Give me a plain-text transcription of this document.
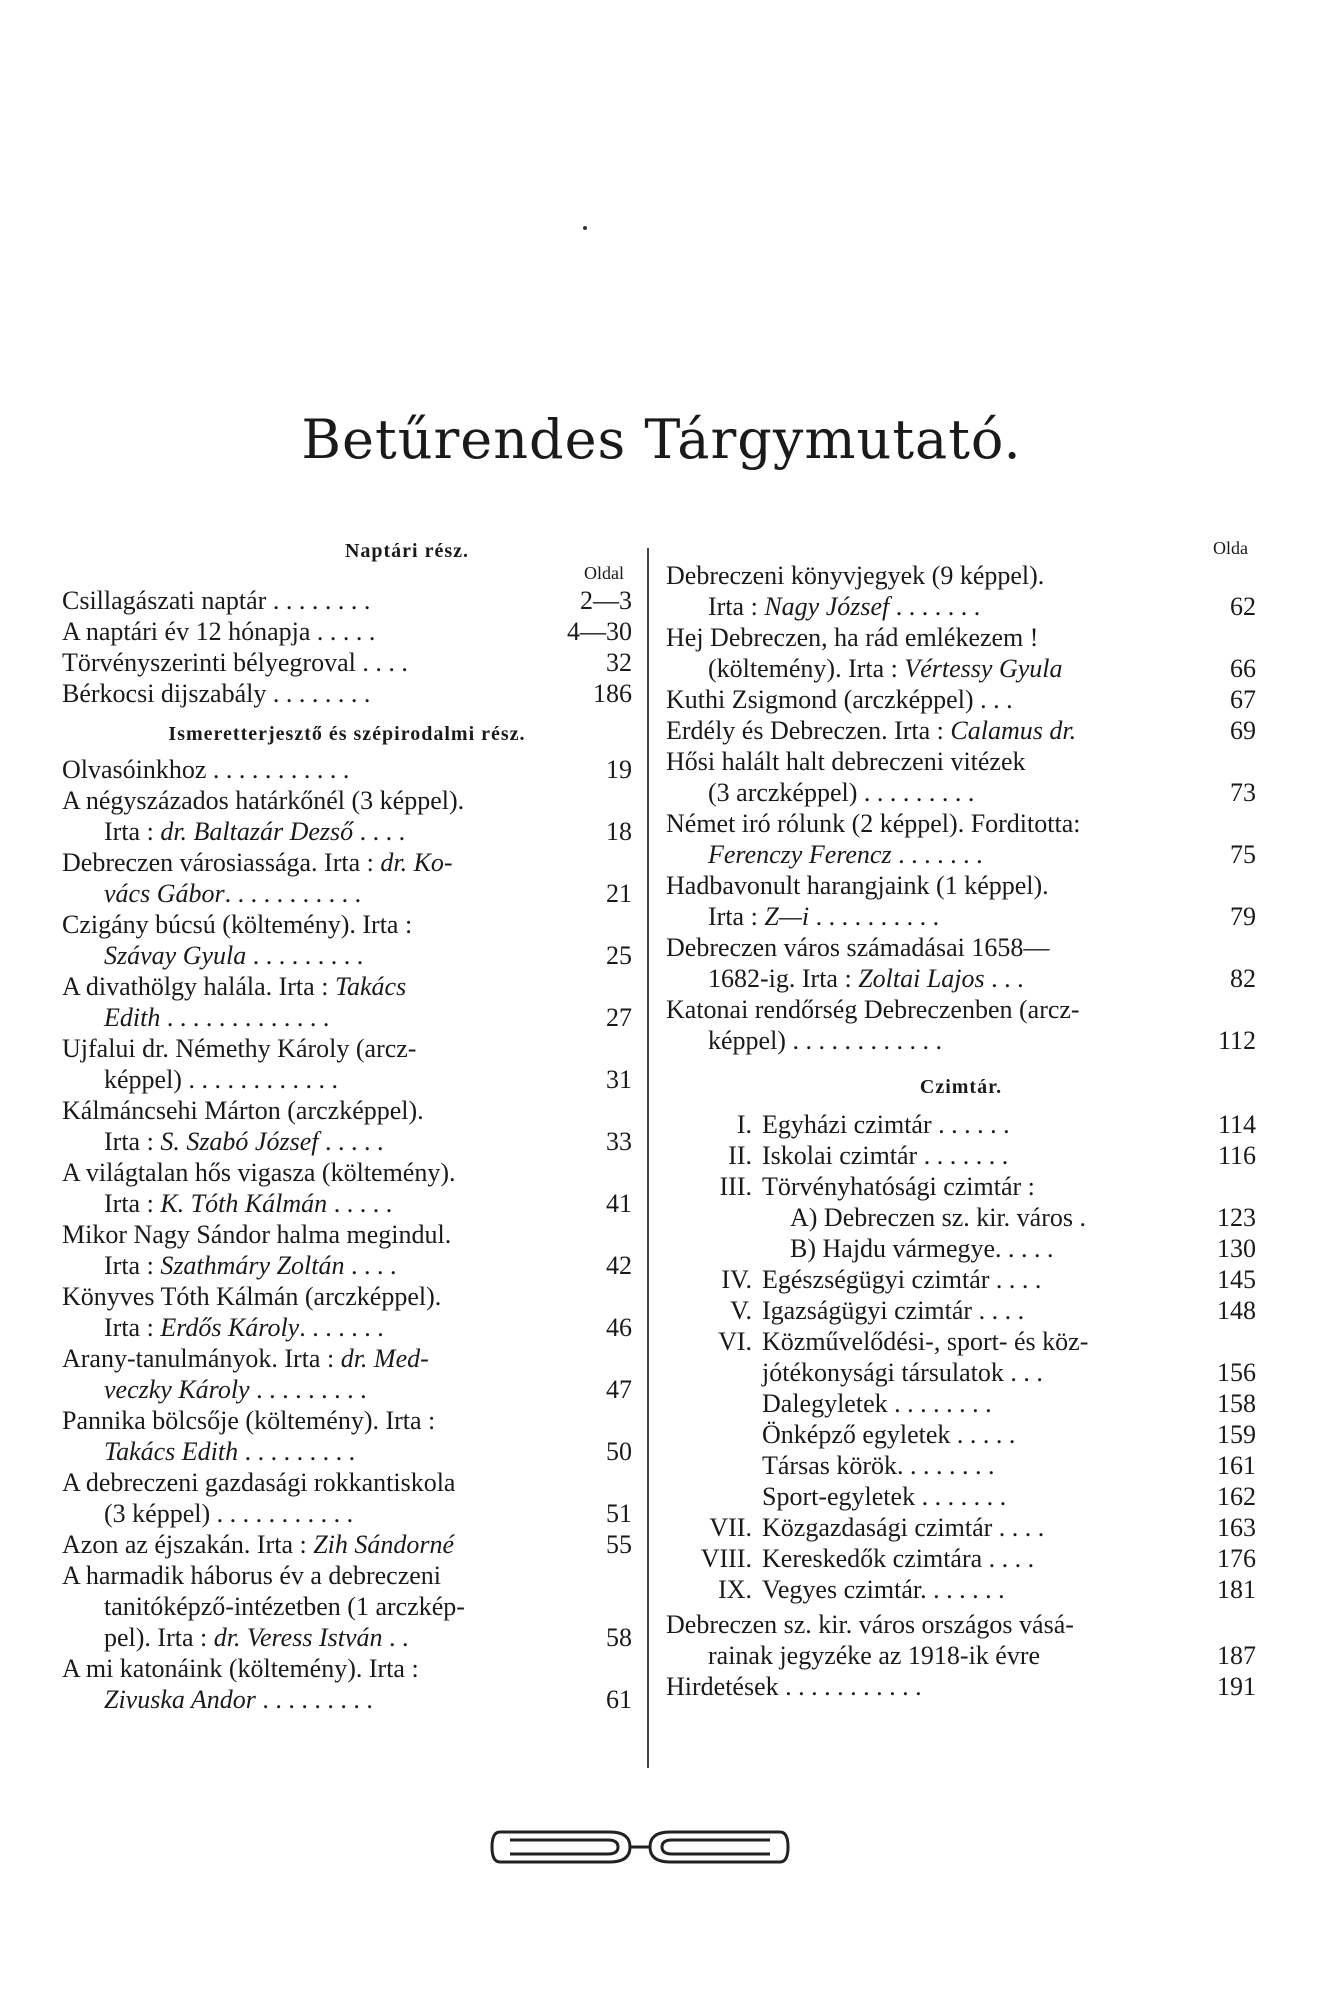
Betűrendes Tárgymutató.
Naptári rész.
Oldal
Csillagászati naptár . . . . . . . .	2—3
A naptári év 12 hónapja . . . . .	4—30
Törvényszerinti bélyegroval . . . .	32
Bérkocsi dijszabály . . . . . . . .	186
Ismeretterjesztő és szépirodalmi rész.
Olvasóinkhoz . . . . . . . . . . .	19
A négyszázados határkőnél (3 képpel).
Irta : dr. Baltazár Dezső . . . .	18
Debreczen városiassága. Irta : dr. Ko-
vács Gábor. . . . . . . . . . .	21
Czigány búcsú (költemény). Irta :
Szávay Gyula . . . . . . . . .	25
A divathölgy halála. Irta : Takács
Edith . . . . . . . . . . . . .	27
Ujfalui dr. Némethy Károly (arcz-
képpel) . . . . . . . . . . . .	31
Kálmáncsehi Márton (arczképpel).
Irta : S. Szabó József . . . . .	33
A világtalan hős vigasza (költemény).
Irta : K. Tóth Kálmán . . . . .	41
Mikor Nagy Sándor halma megindul.
Irta : Szathmáry Zoltán . . . .	42
Könyves Tóth Kálmán (arczképpel).
Irta : Erdős Károly. . . . . . .	46
Arany-tanulmányok. Irta : dr. Med-
veczky Károly . . . . . . . . .	47
Pannika bölcsője (költemény). Irta :
Takács Edith . . . . . . . . .	50
A debreczeni gazdasági rokkantiskola
(3 képpel) . . . . . . . . . . .	51
Azon az éjszakán. Irta : Zih Sándorné	55
A harmadik háborus év a debreczeni
tanitóképző-intézetben (1 arczkép-
pel). Irta : dr. Veress István . .	58
A mi katonáink (költemény). Irta :
Zivuska Andor . . . . . . . . .	61
Olda
Debreczeni könyvjegyek (9 képpel).
Irta : Nagy József . . . . . . .	62
Hej Debreczen, ha rád emlékezem !
(költemény). Irta : Vértessy Gyula	66
Kuthi Zsigmond (arczképpel) . . .	67
Erdély és Debreczen. Irta : Calamus dr.	69
Hősi halált halt debreczeni vitézek
(3 arczképpel) . . . . . . . . .	73
Német iró rólunk (2 képpel). Forditotta:
Ferenczy Ferencz . . . . . . .	75
Hadbavonult harangjaink (1 képpel).
Irta : Z—i . . . . . . . . . .	79
Debreczen város számadásai 1658—
1682-ig. Irta : Zoltai Lajos . . .	82
Katonai rendőrség Debreczenben (arcz-
képpel) . . . . . . . . . . . .	112
Czimtár.
I. Egyházi czimtár . . . . . .	114
II. Iskolai czimtár . . . . . . .	116
III. Törvényhatósági czimtár :
A) Debreczen sz. kir. város .	123
B) Hajdu vármegye. . . . .	130
IV. Egészségügyi czimtár . . . .	145
V. Igazságügyi czimtár . . . .	148
VI. Közművelődési-, sport- és köz-
jótékonysági társulatok . . .	156
Dalegyletek . . . . . . . .	158
Önképző egyletek . . . . .	159
Társas körök. . . . . . . .	161
Sport-egyletek . . . . . . .	162
VII. Közgazdasági czimtár . . . .	163
VIII. Kereskedők czimtára . . . .	176
IX. Vegyes czimtár. . . . . . .	181
Debreczen sz. kir. város országos vásá-
rainak jegyzéke az 1918-ik évre	187
Hirdetések . . . . . . . . . . .	191
